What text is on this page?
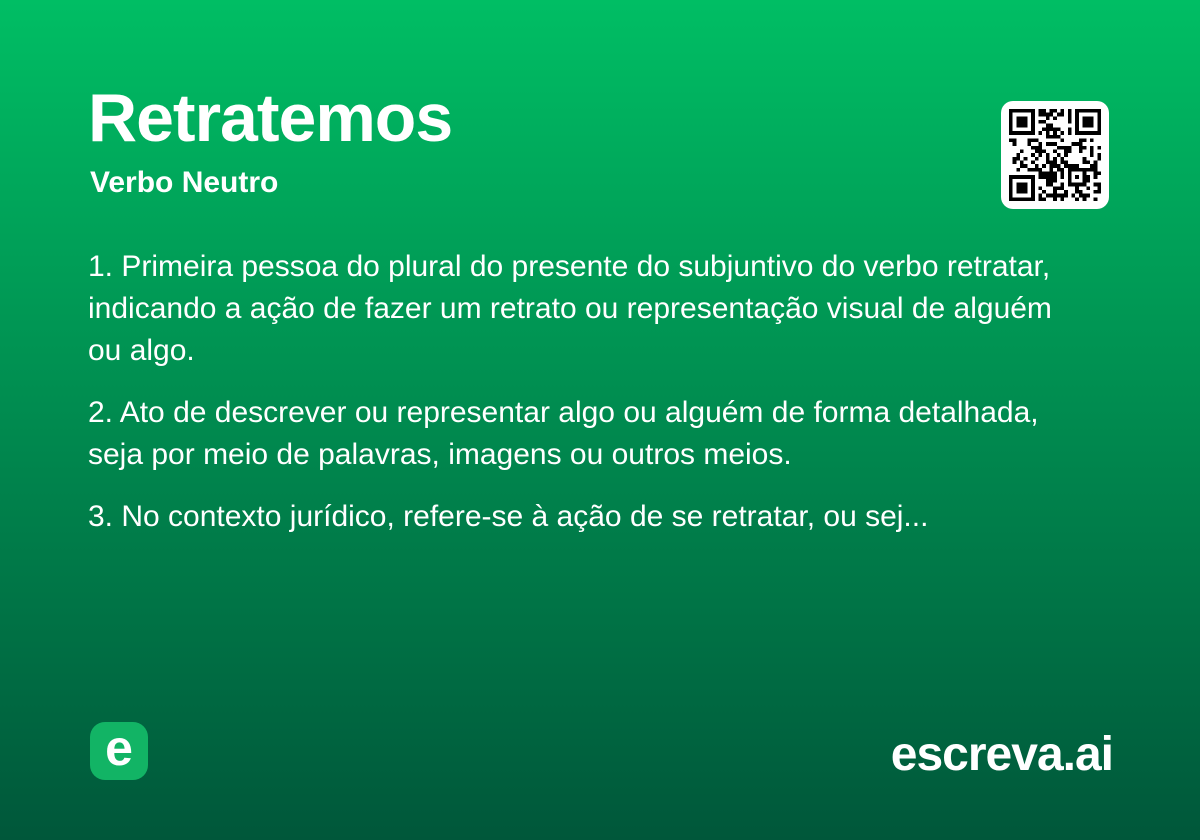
Retratemos
Verbo Neutro

1. Primeira pessoa do plural do presente do subjuntivo do verbo retratar, indicando a ação de fazer um retrato ou representação visual de alguém ou algo.

2. Ato de descrever ou representar algo ou alguém de forma detalhada, seja por meio de palavras, imagens ou outros meios.

3. No contexto jurídico, refere-se à ação de se retratar, ou sej...

e	escreva.ai
